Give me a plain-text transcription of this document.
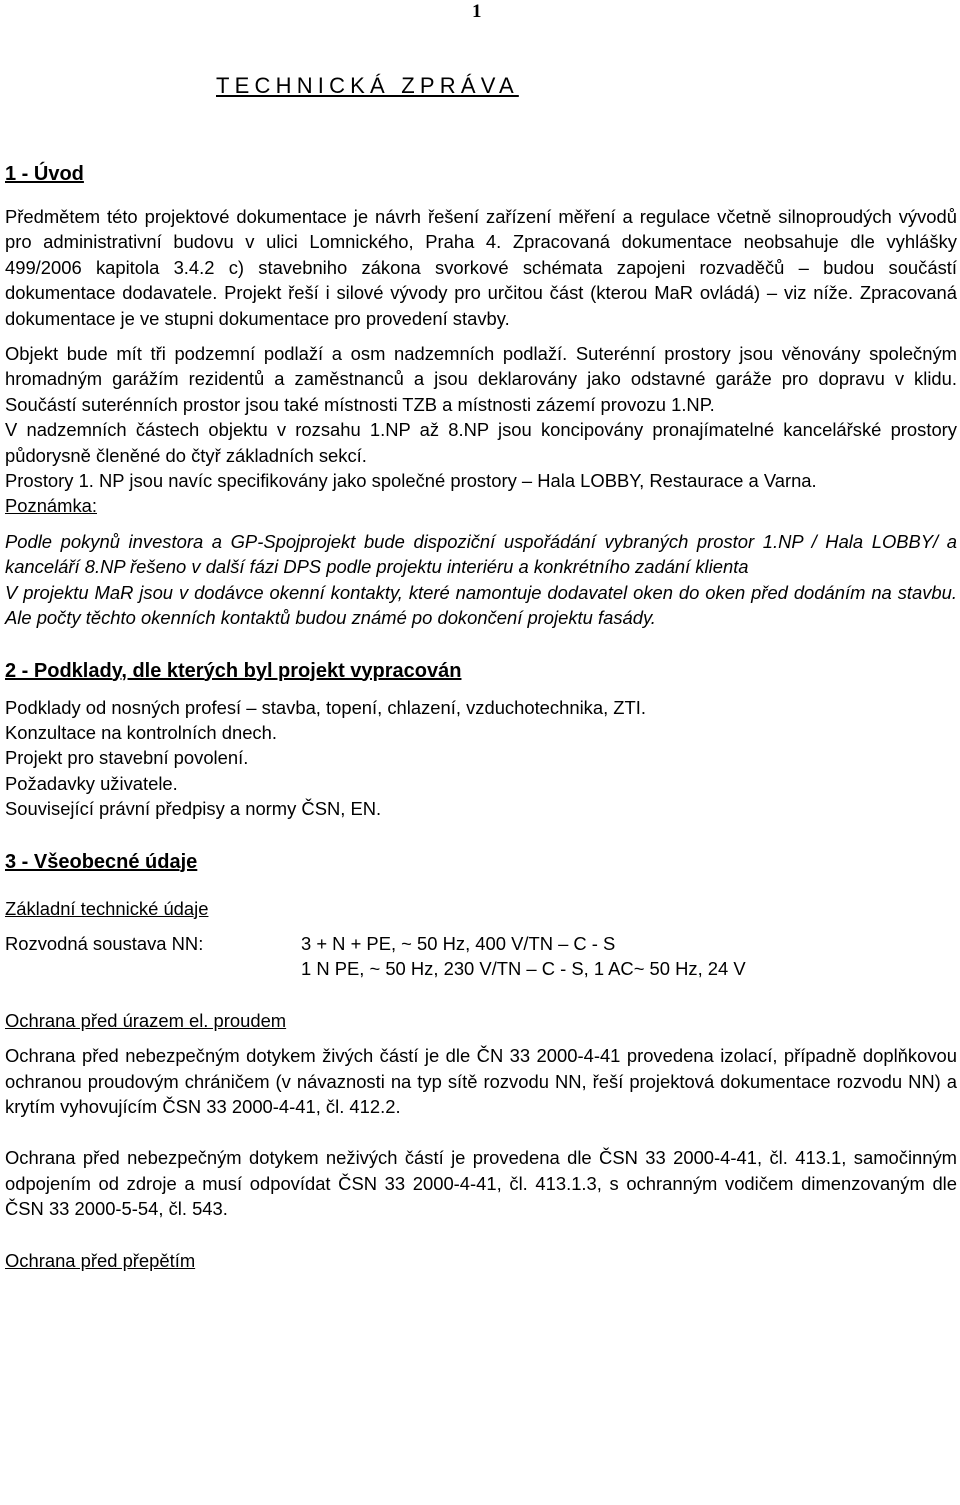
1
TECHNICKÁ ZPRÁVA

1 - Úvod

Předmětem této projektové dokumentace je návrh řešení zařízení měření a regulace včetně silnoproudých vývodů pro administrativní budovu v ulici Lomnického, Praha 4. Zpracovaná dokumentace neobsahuje dle vyhlášky 499/2006 kapitola 3.4.2 c) stavebniho zákona svorkové schémata zapojeni rozvaděčů – budou součástí dokumentace dodavatele. Projekt řeší i silové vývody pro určitou část (kterou MaR ovládá) – viz níže. Zpracovaná dokumentace je ve stupni dokumentace pro provedení stavby.

Objekt bude mít tři podzemní podlaží a osm nadzemních podlaží. Suterénní prostory jsou věnovány společným hromadným garážím rezidentů a zaměstnanců a jsou deklarovány jako odstavné garáže pro dopravu v klidu. Součástí suterénních prostor jsou také místnosti TZB a místnosti zázemí provozu 1.NP.

V nadzemních částech objektu v rozsahu 1.NP až 8.NP jsou koncipovány pronajímatelné kancelářské prostory půdorysně členěné do čtyř základních sekcí.

Prostory 1. NP jsou navíc specifikovány jako společné prostory – Hala LOBBY, Restaurace a Varna.

Poznámka:

Podle pokynů investora a GP-Spojprojekt bude dispoziční uspořádání vybraných prostor 1.NP / Hala LOBBY/ a kanceláří 8.NP řešeno v další fázi DPS podle projektu interiéru a konkrétního zadání klienta

V projektu MaR jsou v dodávce okenní kontakty, které namontuje dodavatel oken do oken před dodáním na stavbu. Ale počty těchto okenních kontaktů budou známé po dokončení projektu fasády.

2 - Podklady, dle kterých byl projekt vypracován

Podklady od nosných profesí – stavba, topení, chlazení, vzduchotechnika, ZTI.

Konzultace na kontrolních dnech.

Projekt pro stavební povolení.

Požadavky uživatele.

Související právní předpisy a normy ČSN, EN.

3 - Všeobecné údaje

Základní technické údaje

Rozvodná soustava NN:	3 + N + PE, ~ 50 Hz, 400 V/TN – C - S
1 N PE, ~ 50 Hz, 230 V/TN – C - S, 1 AC~ 50 Hz, 24 V

Ochrana před úrazem el. proudem

Ochrana před nebezpečným dotykem živých částí je dle ČN 33 2000-4-41 provedena izolací, případně doplňkovou ochranou proudovým chráničem (v návaznosti na typ sítě rozvodu NN, řeší projektová dokumentace rozvodu NN) a krytím vyhovujícím ČSN 33 2000-4-41, čl. 412.2.

Ochrana před nebezpečným dotykem neživých částí je provedena dle ČSN 33 2000-4-41, čl. 413.1, samočinným odpojením od zdroje a musí odpovídat ČSN 33 2000-4-41, čl. 413.1.3, s ochranným vodičem dimenzovaným dle ČSN 33 2000-5-54, čl. 543.

Ochrana před přepětím
